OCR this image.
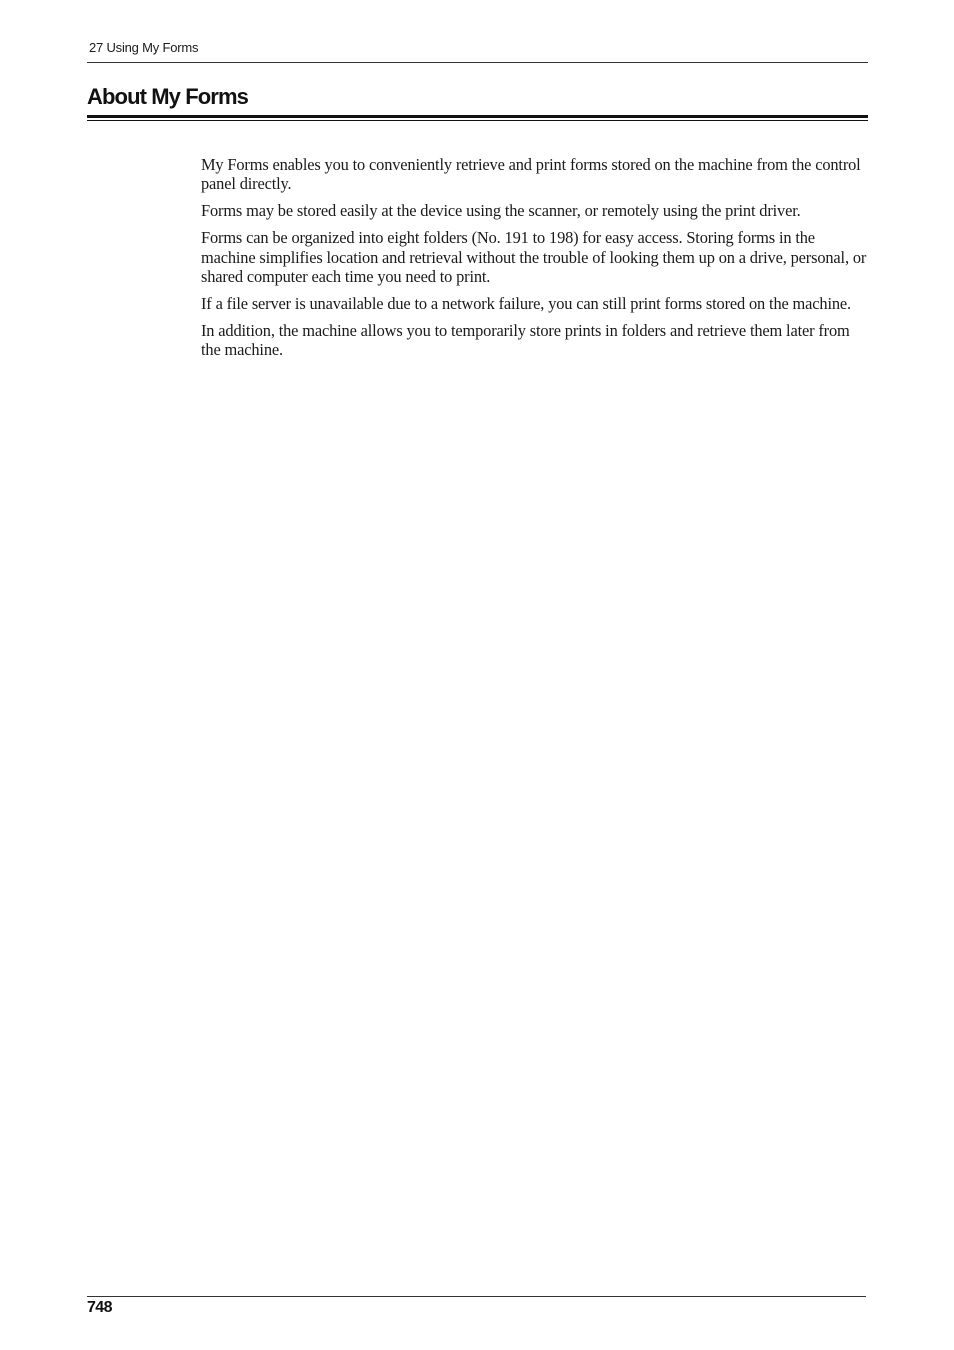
27 Using My Forms
About My Forms

My Forms enables you to conveniently retrieve and print forms stored on the machine from the control panel directly.

Forms may be stored easily at the device using the scanner, or remotely using the print driver.

Forms can be organized into eight folders (No. 191 to 198) for easy access. Storing forms in the machine simplifies location and retrieval without the trouble of looking them up on a drive, personal, or shared computer each time you need to print.

If a file server is unavailable due to a network failure, you can still print forms stored on the machine.

In addition, the machine allows you to temporarily store prints in folders and retrieve them later from the machine.

748
